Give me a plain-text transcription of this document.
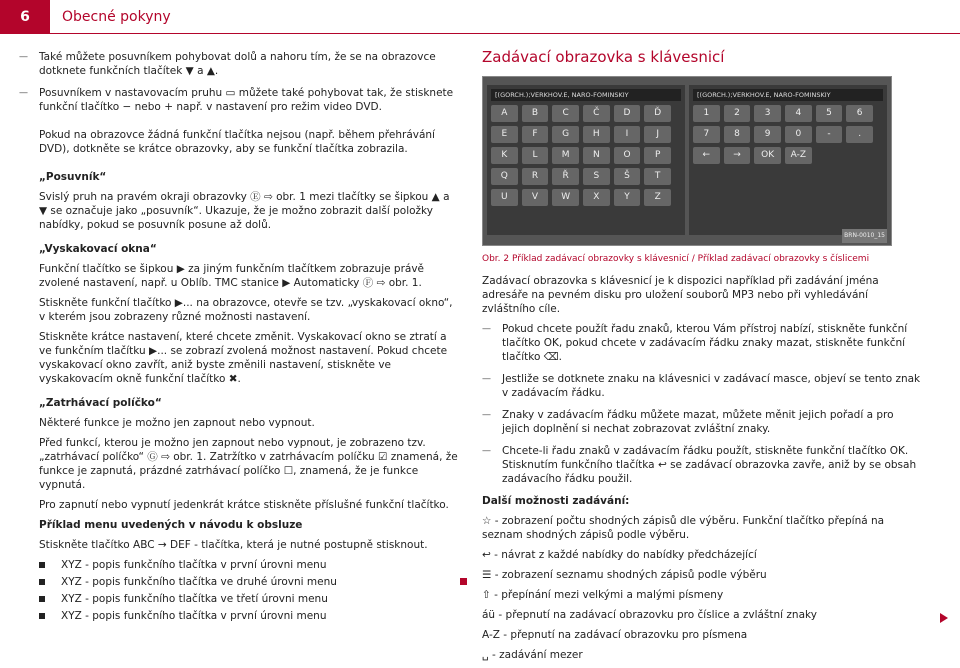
6	Obecné pokyny

— Také můžete posuvníkem pohybovat dolů a nahoru tím, že se na obrazovce dotknete funkčních tlačítek ▼ a ▲.

— Posuvníkem v nastavovacím pruhu ▭ můžete také pohybovat tak, že stisknete funkční tlačítko − nebo + např. v nastavení pro režim video DVD.

Pokud na obrazovce žádná funkční tlačítka nejsou (např. během přehrávání DVD), dotkněte se krátce obrazovky, aby se funkční tlačítka zobrazila.

„Posuvník“

Svislý pruh na pravém okraji obrazovky Ⓔ ⇨ obr. 1 mezi tlačítky se šipkou ▲ a ▼ se označuje jako „posuvník“. Ukazuje, že je možno zobrazit další položky nabídky, pokud se posuvník posune až dolů.

„Vyskakovací okna“

Funkční tlačítko se šipkou ▶ za jiným funkčním tlačítkem zobrazuje právě zvolené nastavení, např. u Oblíb. TMC stanice ▶ Automaticky Ⓕ ⇨ obr. 1.

Stiskněte funkční tlačítko ▶... na obrazovce, otevře se tzv. „vyskakovací okno“, v kterém jsou zobrazeny různé možnosti nastavení.

Stiskněte krátce nastavení, které chcete změnit. Vyskakovací okno se ztratí a ve funkčním tlačítku ▶... se zobrazí zvolená možnost nastavení. Pokud chcete vyskakovací okno zavřít, aniž byste změnili nastavení, stiskněte ve vyskakovacím okně funkční tlačítko ✖.

„Zatrhávací políčko“

Některé funkce je možno jen zapnout nebo vypnout.

Před funkcí, kterou je možno jen zapnout nebo vypnout, je zobrazeno tzv. „zatrhávací políčko“ Ⓖ ⇨ obr. 1. Zatržítko v zatrhávacím políčku ☑ znamená, že funkce je zapnutá, prázdné zatrhávací políčko ☐, znamená, že je funkce vypnutá.

Pro zapnutí nebo vypnutí jedenkrát krátce stiskněte příslušné funkční tlačítko.

Příklad menu uvedených v návodu k obsluze

Stiskněte tlačítko ABC → DEF - tlačítka, která je nutné postupně stisknout.

XYZ - popis funkčního tlačítka v první úrovni menu
XYZ - popis funkčního tlačítka ve druhé úrovni menu
XYZ - popis funkčního tlačítka ve třetí úrovni menu
XYZ - popis funkčního tlačítka v první úrovni menu
Zadávací obrazovka s klávesnicí
[(GORCH.);VERKHOV.E, NARO-FOMINSKIY
A	B	C	Č	D	Ď
E	F	G	H	I	J
K	L	M	N	O	P
Q	R	Ř	S	Š	T
U	V	W	X	Y	Z
[(GORCH.);VERKHOV.E, NARO-FOMINSKIY
1	2	3	4	5	6
7	8	9	0	-	.
←	→	OK	A-Z
BRN-0010_15
Obr. 2 Příklad zadávací obrazovky s klávesnicí / Příklad zadávací obrazovky s číslicemi

Zadávací obrazovka s klávesnicí je k dispozici například při zadávání jména adresáře na pevném disku pro uložení souborů MP3 nebo při vyhledávání zvláštního cíle.

— Pokud chcete použít řadu znaků, kterou Vám přístroj nabízí, stiskněte funkční tlačítko OK, pokud chcete v zadávacím řádku znaky mazat, stiskněte funkční tlačítko ⌫.

— Jestliže se dotknete znaku na klávesnici v zadávací masce, objeví se tento znak v zadávacím řádku.

— Znaky v zadávacím řádku můžete mazat, můžete měnit jejich pořadí a pro jejich doplnění si nechat zobrazovat zvláštní znaky.

— Chcete-li řadu znaků v zadávacím řádku použít, stiskněte funkční tlačítko OK. Stisknutím funkčního tlačítka ↩ se zadávací obrazovka zavře, aniž by se obsah zadávacího řádku použil.

Další možnosti zadávání:

☆ - zobrazení počtu shodných zápisů dle výběru. Funkční tlačítko přepíná na seznam shodných zápisů podle výběru.

↩ - návrat z každé nabídky do nabídky předcházející

☰ - zobrazení seznamu shodných zápisů podle výběru

⇧ - přepínání mezi velkými a malými písmeny

áü - přepnutí na zadávací obrazovku pro číslice a zvláštní znaky

A-Z - přepnutí na zadávací obrazovku pro písmena

␣ - zadávání mezer
